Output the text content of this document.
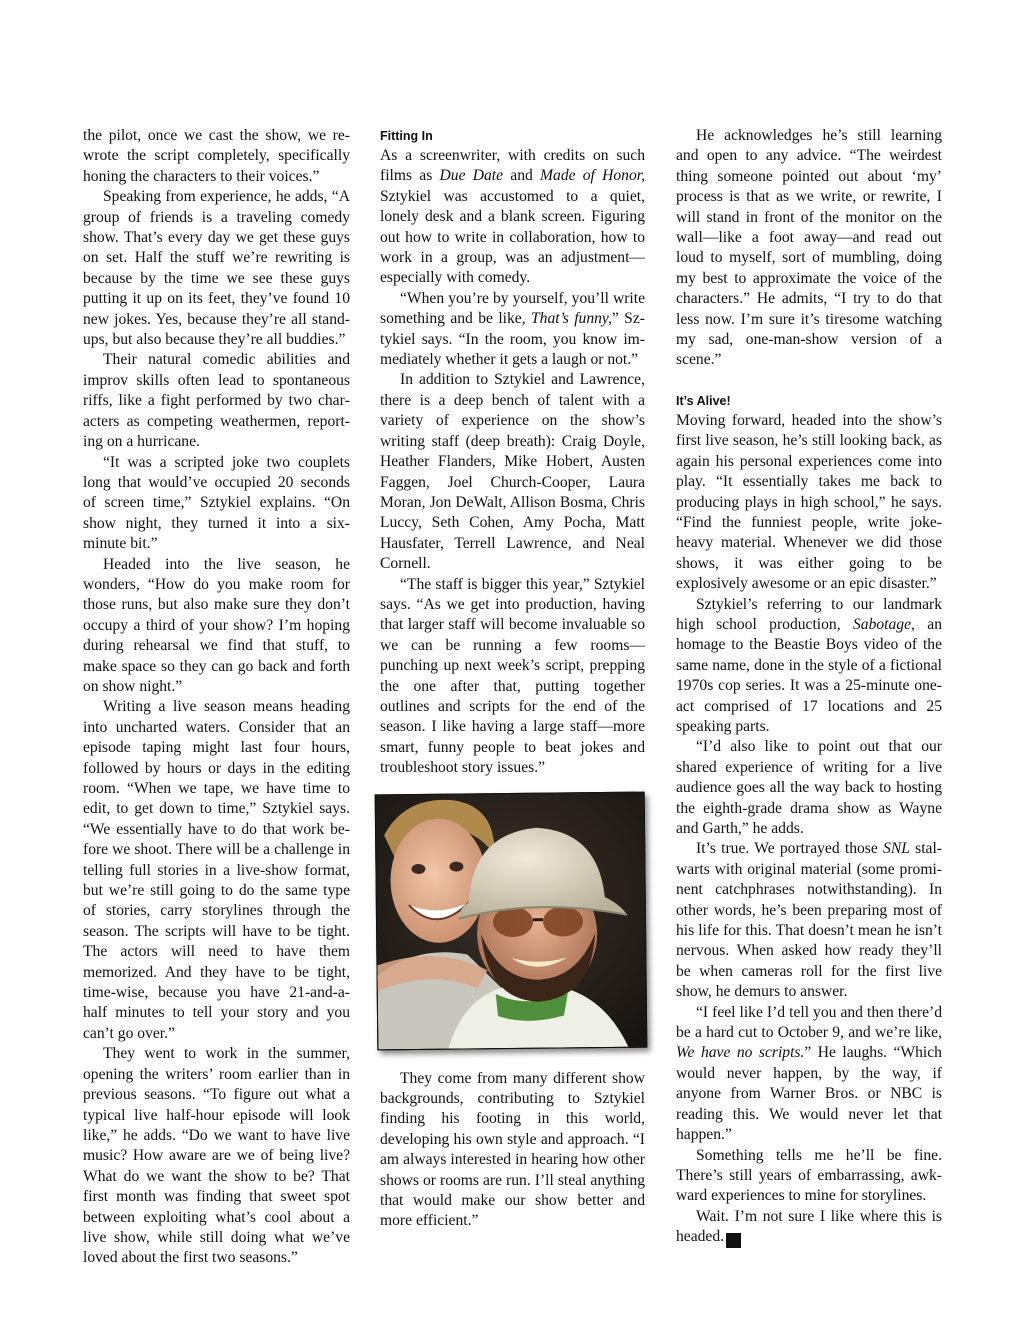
the pilot, once we cast the show, we rewrote the script completely, specifically honing the characters to their voices.”

Speaking from experience, he adds, “A group of friends is a traveling comedy show. That’s every day we get these guys on set. Half the stuff we’re rewriting is because by the time we see these guys putting it up on its feet, they’ve found 10 new jokes. Yes, because they’re all stand-ups, but also because they’re all buddies.”

Their natural comedic abilities and improv skills often lead to spontaneous riffs, like a fight performed by two characters as competing weathermen, reporting on a hurricane.

“It was a scripted joke two couplets long that would’ve occupied 20 seconds of screen time,” Sztykiel explains. “On show night, they turned it into a six-minute bit.”

Headed into the live season, he wonders, “How do you make room for those runs, but also make sure they don’t occupy a third of your show? I’m hoping during rehearsal we find that stuff, to make space so they can go back and forth on show night.”

Writing a live season means heading into uncharted waters. Consider that an episode taping might last four hours, followed by hours or days in the editing room. “When we tape, we have time to edit, to get down to time,” Sztykiel says. “We essentially have to do that work before we shoot. There will be a challenge in telling full stories in a live-show format, but we’re still going to do the same type of stories, carry storylines through the season. The scripts will have to be tight. The actors will need to have them memorized. And they have to be tight, time-wise, because you have 21-and-a-half minutes to tell your story and you can’t go over.”

They went to work in the summer, opening the writers’ room earlier than in previous seasons. “To figure out what a typical live half-hour episode will look like,” he adds. “Do we want to have live music? How aware are we of being live? What do we want the show to be? That first month was finding that sweet spot between exploiting what’s cool about a live show, while still doing what we’ve loved about the first two seasons.”

Fitting In

As a screenwriter, with credits on such films as Due Date and Made of Honor, Sztykiel was accustomed to a quiet, lonely desk and a blank screen. Figuring out how to write in collaboration, how to work in a group, was an adjustment—especially with comedy.

“When you’re by yourself, you’ll write something and be like, That’s funny,” Sztykiel says. “In the room, you know immediately whether it gets a laugh or not.”

In addition to Sztykiel and Lawrence, there is a deep bench of talent with a variety of experience on the show’s writing staff (deep breath): Craig Doyle, Heather Flanders, Mike Hobert, Austen Faggen, Joel Church-Cooper, Laura Moran, Jon DeWalt, Allison Bosma, Chris Luccy, Seth Cohen, Amy Pocha, Matt Hausfater, Terrell Lawrence, and Neal Cornell.

“The staff is bigger this year,” Sztykiel says. “As we get into production, having that larger staff will become invaluable so we can be running a few rooms—punching up next week’s script, prepping the one after that, putting together outlines and scripts for the end of the season. I like having a large staff—more smart, funny people to beat jokes and troubleshoot story issues.”

They come from many different show backgrounds, contributing to Sztykiel finding his footing in this world, developing his own style and approach. “I am always interested in hearing how other shows or rooms are run. I’ll steal anything that would make our show better and more efficient.”

He acknowledges he’s still learning and open to any advice. “The weirdest thing someone pointed out about ‘my’ process is that as we write, or rewrite, I will stand in front of the monitor on the wall—like a foot away—and read out loud to myself, sort of mumbling, doing my best to approximate the voice of the characters.” He admits, “I try to do that less now. I’m sure it’s tiresome watching my sad, one-man-show version of a scene.”

It’s Alive!

Moving forward, headed into the show’s first live season, he’s still looking back, as again his personal experiences come into play. “It essentially takes me back to producing plays in high school,” he says. “Find the funniest people, write joke-heavy material. Whenever we did those shows, it was either going to be explosively awesome or an epic disaster.”

Sztykiel’s referring to our landmark high school production, Sabotage, an homage to the Beastie Boys video of the same name, done in the style of a fictional 1970s cop series. It was a 25-minute one-act comprised of 17 locations and 25 speaking parts.

“I’d also like to point out that our shared experience of writing for a live audience goes all the way back to hosting the eighth-grade drama show as Wayne and Garth,” he adds.

It’s true. We portrayed those SNL stalwarts with original material (some prominent catchphrases notwithstanding). In other words, he’s been preparing most of his life for this. That doesn’t mean he isn’t nervous. When asked how ready they’ll be when cameras roll for the first live show, he demurs to answer.

“I feel like I’d tell you and then there’d be a hard cut to October 9, and we’re like, We have no scripts.” He laughs. “Which would never happen, by the way, if anyone from Warner Bros. or NBC is reading this. We would never let that happen.”

Something tells me he’ll be fine. There’s still years of embarrassing, awkward experiences to mine for storylines.

Wait. I’m not sure I like where this is headed. WB
